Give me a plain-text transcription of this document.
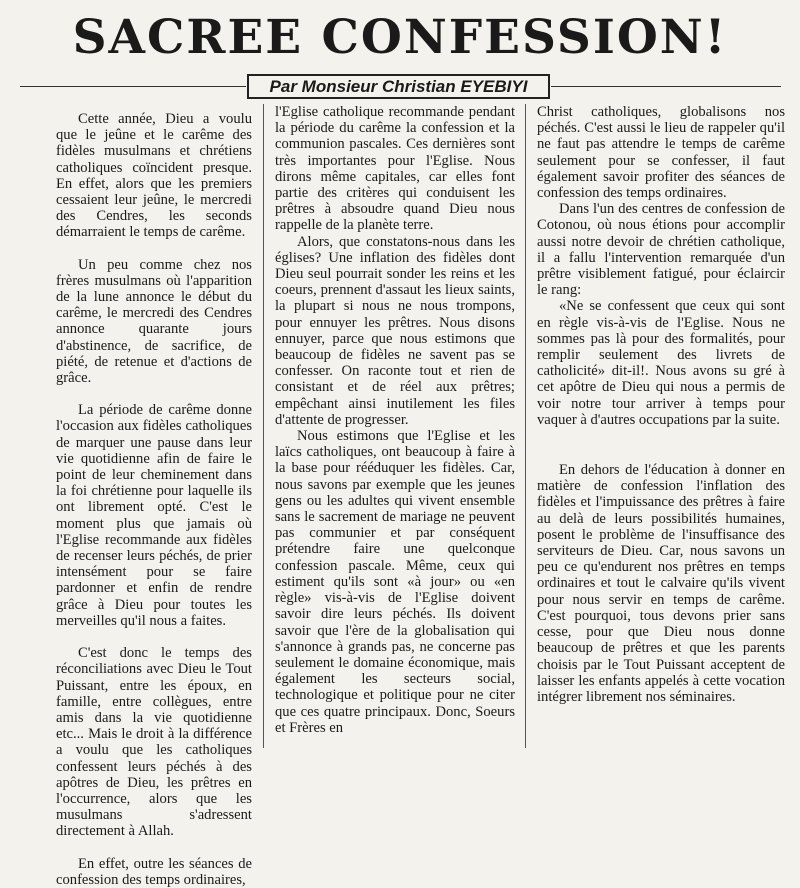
SACREE CONFESSION!
Par Monsieur Christian EYEBIYI

Cette année, Dieu a voulu que le jeûne et le carême des fidèles musulmans et chrétiens catholiques coïncident presque. En effet, alors que les premiers cessaient leur jeûne, le mercredi des Cendres, les seconds démarraient le temps de carême.

Un peu comme chez nos frères musulmans où l'apparition de la lune annonce le début du carême, le mercredi des Cendres annonce quarante jours d'abstinence, de sacrifice, de piété, de retenue et d'actions de grâce.

La période de carême donne l'occasion aux fidèles catholiques de marquer une pause dans leur vie quotidienne afin de faire le point de leur cheminement dans la foi chrétienne pour laquelle ils ont librement opté. C'est le moment plus que jamais où l'Eglise recommande aux fidèles de recenser leurs péchés, de prier intensément pour se faire pardonner et enfin de rendre grâce à Dieu pour toutes les merveilles qu'il nous a faites.

C'est donc le temps des réconciliations avec Dieu le Tout Puissant, entre les époux, en famille, entre collègues, entre amis dans la vie quotidienne etc... Mais le droit à la différence a voulu que les catholiques confessent leurs péchés à des apôtres de Dieu, les prêtres en l'occurrence, alors que les musulmans s'adressent directement à Allah.

En effet, outre les séances de confession des temps ordinaires,

l'Eglise catholique recommande pendant la période du carême la confession et la communion pascales. Ces dernières sont très importantes pour l'Eglise. Nous dirons même capitales, car elles font partie des critères qui conduisent les prêtres à absoudre quand Dieu nous rappelle de la planète terre.

Alors, que constatons-nous dans les églises? Une inflation des fidèles dont Dieu seul pourrait sonder les reins et les coeurs, prennent d'assaut les lieux saints, la plupart si nous ne nous trompons, pour ennuyer les prêtres. Nous disons ennuyer, parce que nous estimons que beaucoup de fidèles ne savent pas se confesser. On raconte tout et rien de consistant et de réel aux prêtres; empêchant ainsi inutilement les files d'attente de progresser.

Nous estimons que l'Eglise et les laïcs catholiques, ont beaucoup à faire à la base pour rééduquer les fidèles. Car, nous savons par exemple que les jeunes gens ou les adultes qui vivent ensemble sans le sacrement de mariage ne peuvent pas communier et par conséquent prétendre faire une quelconque confession pascale. Même, ceux qui estiment qu'ils sont «à jour» ou «en règle» vis-à-vis de l'Eglise doivent savoir dire leurs péchés. Ils doivent savoir que l'ère de la globalisation qui s'annonce à grands pas, ne concerne pas seulement le domaine économique, mais également les secteurs social, technologique et politique pour ne citer que ces quatre principaux. Donc, Soeurs et Frères en

Christ catholiques, globalisons nos péchés. C'est aussi le lieu de rappeler qu'il ne faut pas attendre le temps de carême seulement pour se confesser, il faut également savoir profiter des séances de confession des temps ordinaires.

Dans l'un des centres de confession de Cotonou, où nous étions pour accomplir aussi notre devoir de chrétien catholique, il a fallu l'intervention remarquée d'un prêtre visiblement fatigué, pour éclaircir le rang:

«Ne se confessent que ceux qui sont en règle vis-à-vis de l'Eglise. Nous ne sommes pas là pour des formalités, pour remplir seulement des livrets de catholicité» dit-il!. Nous avons su gré à cet apôtre de Dieu qui nous a permis de voir notre tour arriver à temps pour vaquer à d'autres occupations par la suite.

En dehors de l'éducation à donner en matière de confession l'inflation des fidèles et l'impuissance des prêtres à faire au delà de leurs possibilités humaines, posent le problème de l'insuffisance des serviteurs de Dieu. Car, nous savons un peu ce qu'endurent nos prêtres en temps ordinaires et tout le calvaire qu'ils vivent pour nous servir en temps de carême. C'est pourquoi, tous devons prier sans cesse, pour que Dieu nous donne beaucoup de prêtres et que les parents choisis par le Tout Puissant acceptent de laisser les enfants appelés à cette vocation intégrer librement nos séminaires.
